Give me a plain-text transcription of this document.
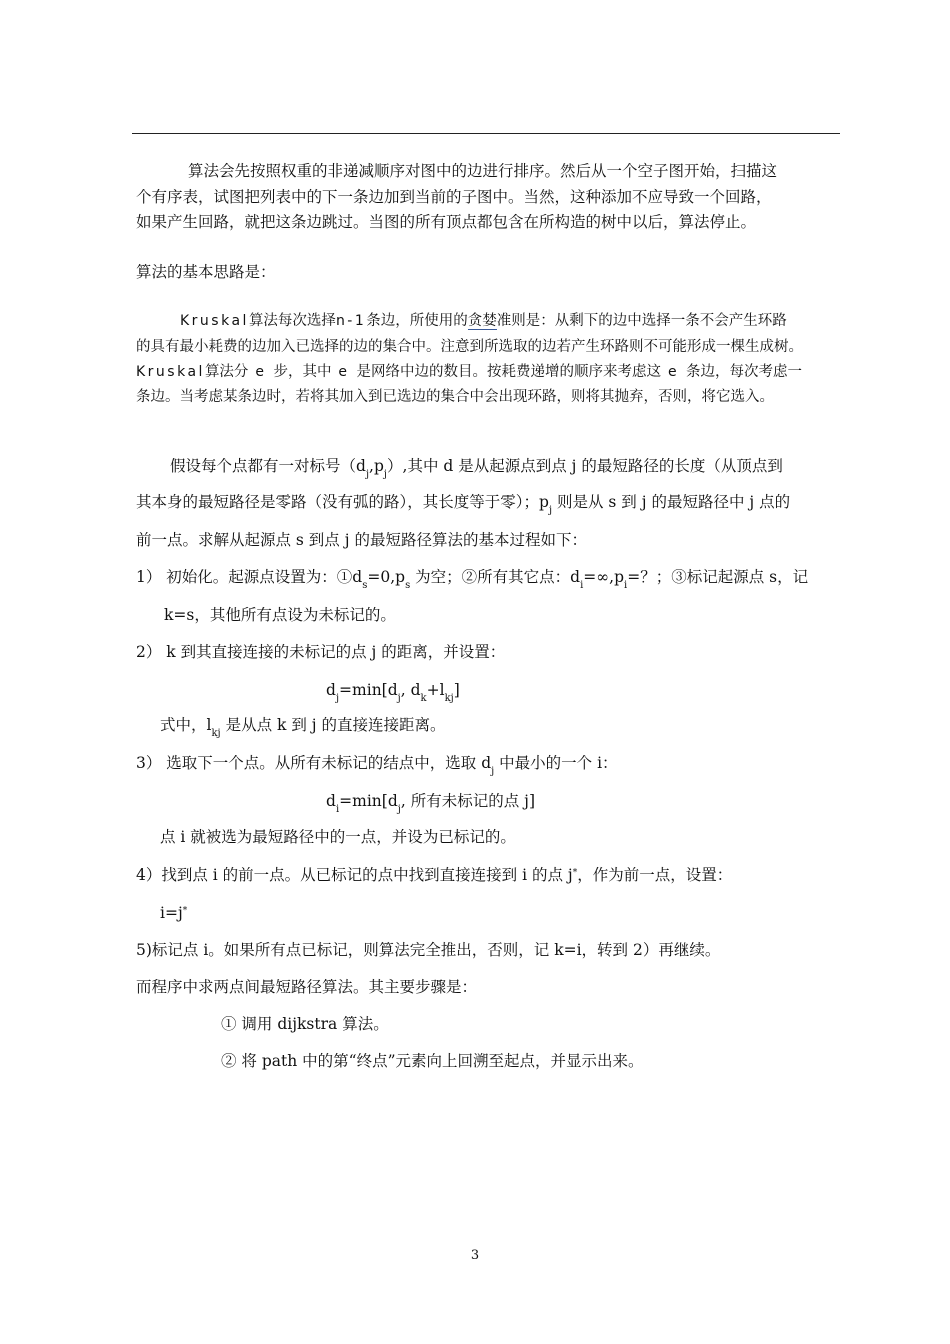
算法会先按照权重的非递减顺序对图中的边进行排序。然后从一个空子图开始，扫描这
个有序表，试图把列表中的下一条边加到当前的子图中。当然，这种添加不应导致一个回路，
如果产生回路，就把这条边跳过。当图的所有顶点都包含在所构造的树中以后，算法停止。
算法的基本思路是：
Kruskal算法每次选择n-1条边，所使用的贪婪准则是：从剩下的边中选择一条不会产生环路
的具有最小耗费的边加入已选择的边的集合中。注意到所选取的边若产生环路则不可能形成一棵生成树。
Kruskal算法分 e 步，其中 e 是网络中边的数目。按耗费递增的顺序来考虑这 e 条边，每次考虑一
条边。当考虑某条边时，若将其加入到已选边的集合中会出现环路，则将其抛弃，否则，将它选入。
假设每个点都有一对标号$(d_j,p_j)$,其中 d 是从起源点到点 j 的最短路径的长度（从顶点到
其本身的最短路径是零路（没有弧的路），其长度等于零）；$p_j$ 则是从 s 到 j 的最短路径中 j 点的
前一点。求解从起源点 s 到点 j 的最短路径算法的基本过程如下：
1） 初始化。起源点设置为：$①d_s=0,p_s$ 为空；②所有其它点：$d_i=\infty,p_i=$？；③标记起源点 s，记
k=s，其他所有点设为未标记的。
2） k 到其直接连接的未标记的点 j 的距离，并设置：
$d_j=\min[d_j$, $d_k+l_{kj}$]
式中，$l_{kj}$ 是从点 k 到 j 的直接连接距离。
3） 选取下一个点。从所有未标记的结点中，选取 $d_j$ 中最小的一个 i：
$d_i=\min[d_j$, 所有未标记的点 j]
点 i 就被选为最短路径中的一点，并设为已标记的。
4）找到点 i 的前一点。从已标记的点中找到直接连接到 i 的点 j*，作为前一点，设置：
i=j*
5)标记点 i。如果所有点已标记，则算法完全推出，否则，记 k=i，转到 2）再继续。
而程序中求两点间最短路径算法。其主要步骤是：
① 调用 dijkstra 算法。
② 将 path 中的第“终点”元素向上回溯至起点，并显示出来。
3
